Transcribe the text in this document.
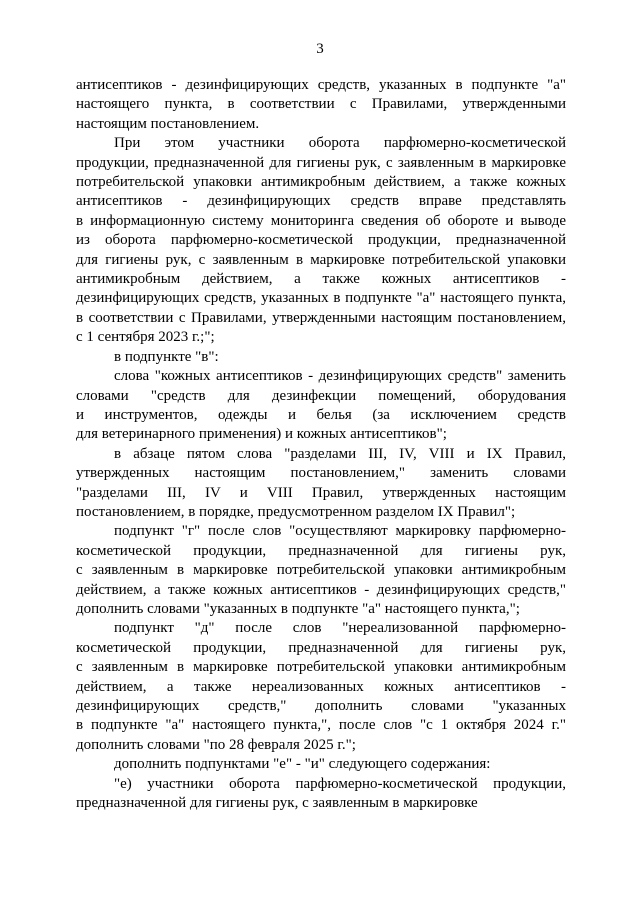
3
антисептиков - дезинфицирующих средств, указанных в подпункте "а"
настоящего пункта, в соответствии с Правилами, утвержденными
настоящим постановлением.
При этом участники оборота парфюмерно-косметической
продукции, предназначенной для гигиены рук, с заявленным в маркировке
потребительской упаковки антимикробным действием, а также кожных
антисептиков - дезинфицирующих средств вправе представлять
в информационную систему мониторинга сведения об обороте и выводе
из оборота парфюмерно-косметической продукции, предназначенной
для гигиены рук, с заявленным в маркировке потребительской упаковки
антимикробным действием, а также кожных антисептиков -
дезинфицирующих средств, указанных в подпункте "а" настоящего пункта,
в соответствии с Правилами, утвержденными настоящим постановлением,
с 1 сентября 2023 г.;";
в подпункте "в":
слова "кожных антисептиков - дезинфицирующих средств" заменить
словами "средств для дезинфекции помещений, оборудования
и инструментов, одежды и белья (за исключением средств
для ветеринарного применения) и кожных антисептиков";
в абзаце пятом слова "разделами III, IV, VIII и IX Правил,
утвержденных настоящим постановлением," заменить словами
"разделами III, IV и VIII Правил, утвержденных настоящим
постановлением, в порядке, предусмотренном разделом IX Правил";
подпункт "г" после слов "осуществляют маркировку парфюмерно-
косметической продукции, предназначенной для гигиены рук,
с заявленным в маркировке потребительской упаковки антимикробным
действием, а также кожных антисептиков - дезинфицирующих средств,"
дополнить словами "указанных в подпункте "а" настоящего пункта,";
подпункт "д" после слов "нереализованной парфюмерно-
косметической продукции, предназначенной для гигиены рук,
с заявленным в маркировке потребительской упаковки антимикробным
действием, а также нереализованных кожных антисептиков -
дезинфицирующих средств," дополнить словами "указанных
в подпункте "а" настоящего пункта,", после слов "с 1 октября 2024 г."
дополнить словами "по 28 февраля 2025 г.";
дополнить подпунктами "е" - "и" следующего содержания:
"е) участники оборота парфюмерно-косметической продукции,
предназначенной для гигиены рук, с заявленным в маркировке
